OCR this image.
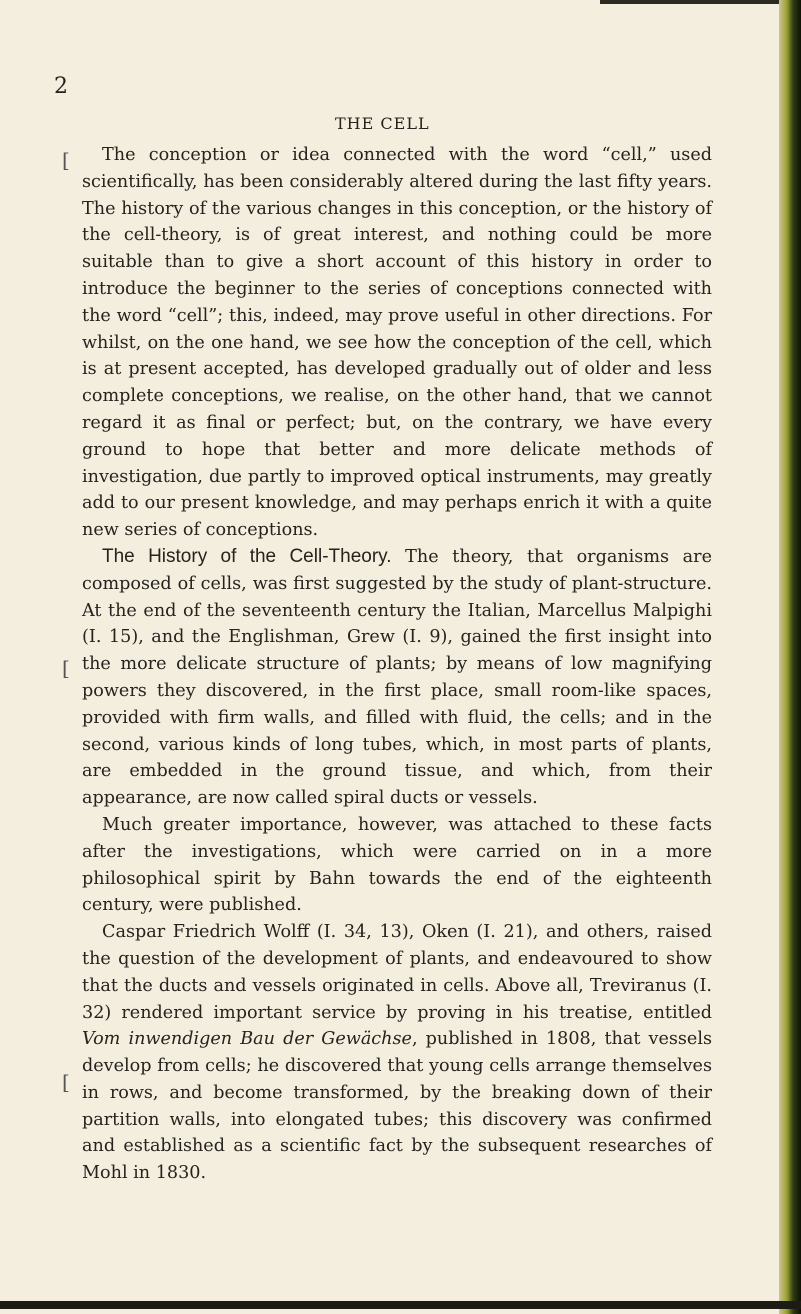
[
[
[
2
THE CELL

The conception or idea connected with the word “cell,” used scientifically, has been considerably altered during the last fifty years. The history of the various changes in this conception, or the history of the cell-theory, is of great interest, and nothing could be more suitable than to give a short account of this history in order to introduce the beginner to the series of conceptions connected with the word “cell”; this, indeed, may prove useful in other directions. For whilst, on the one hand, we see how the conception of the cell, which is at present accepted, has developed gradually out of older and less complete conceptions, we realise, on the other hand, that we cannot regard it as final or perfect; but, on the contrary, we have every ground to hope that better and more delicate methods of investigation, due partly to improved optical instruments, may greatly add to our present knowledge, and may perhaps enrich it with a quite new series of conceptions.

The History of the Cell-Theory. The theory, that organisms are composed of cells, was first suggested by the study of plant-structure. At the end of the seventeenth century the Italian, Marcellus Malpighi (I. 15), and the Englishman, Grew (I. 9), gained the first insight into the more delicate structure of plants; by means of low magnifying powers they discovered, in the first place, small room-like spaces, provided with firm walls, and filled with fluid, the cells; and in the second, various kinds of long tubes, which, in most parts of plants, are embedded in the ground tissue, and which, from their appearance, are now called spiral ducts or vessels.

Much greater importance, however, was attached to these facts after the investigations, which were carried on in a more philosophical spirit by Bahn towards the end of the eighteenth century, were published.

Caspar Friedrich Wolff (I. 34, 13), Oken (I. 21), and others, raised the question of the development of plants, and endeavoured to show that the ducts and vessels originated in cells. Above all, Treviranus (I. 32) rendered important service by proving in his treatise, entitled Vom inwendigen Bau der Gewächse, published in 1808, that vessels develop from cells; he discovered that young cells arrange themselves in rows, and become transformed, by the breaking down of their partition walls, into elongated tubes; this discovery was confirmed and established as a scientific fact by the subsequent researches of Mohl in 1830.
